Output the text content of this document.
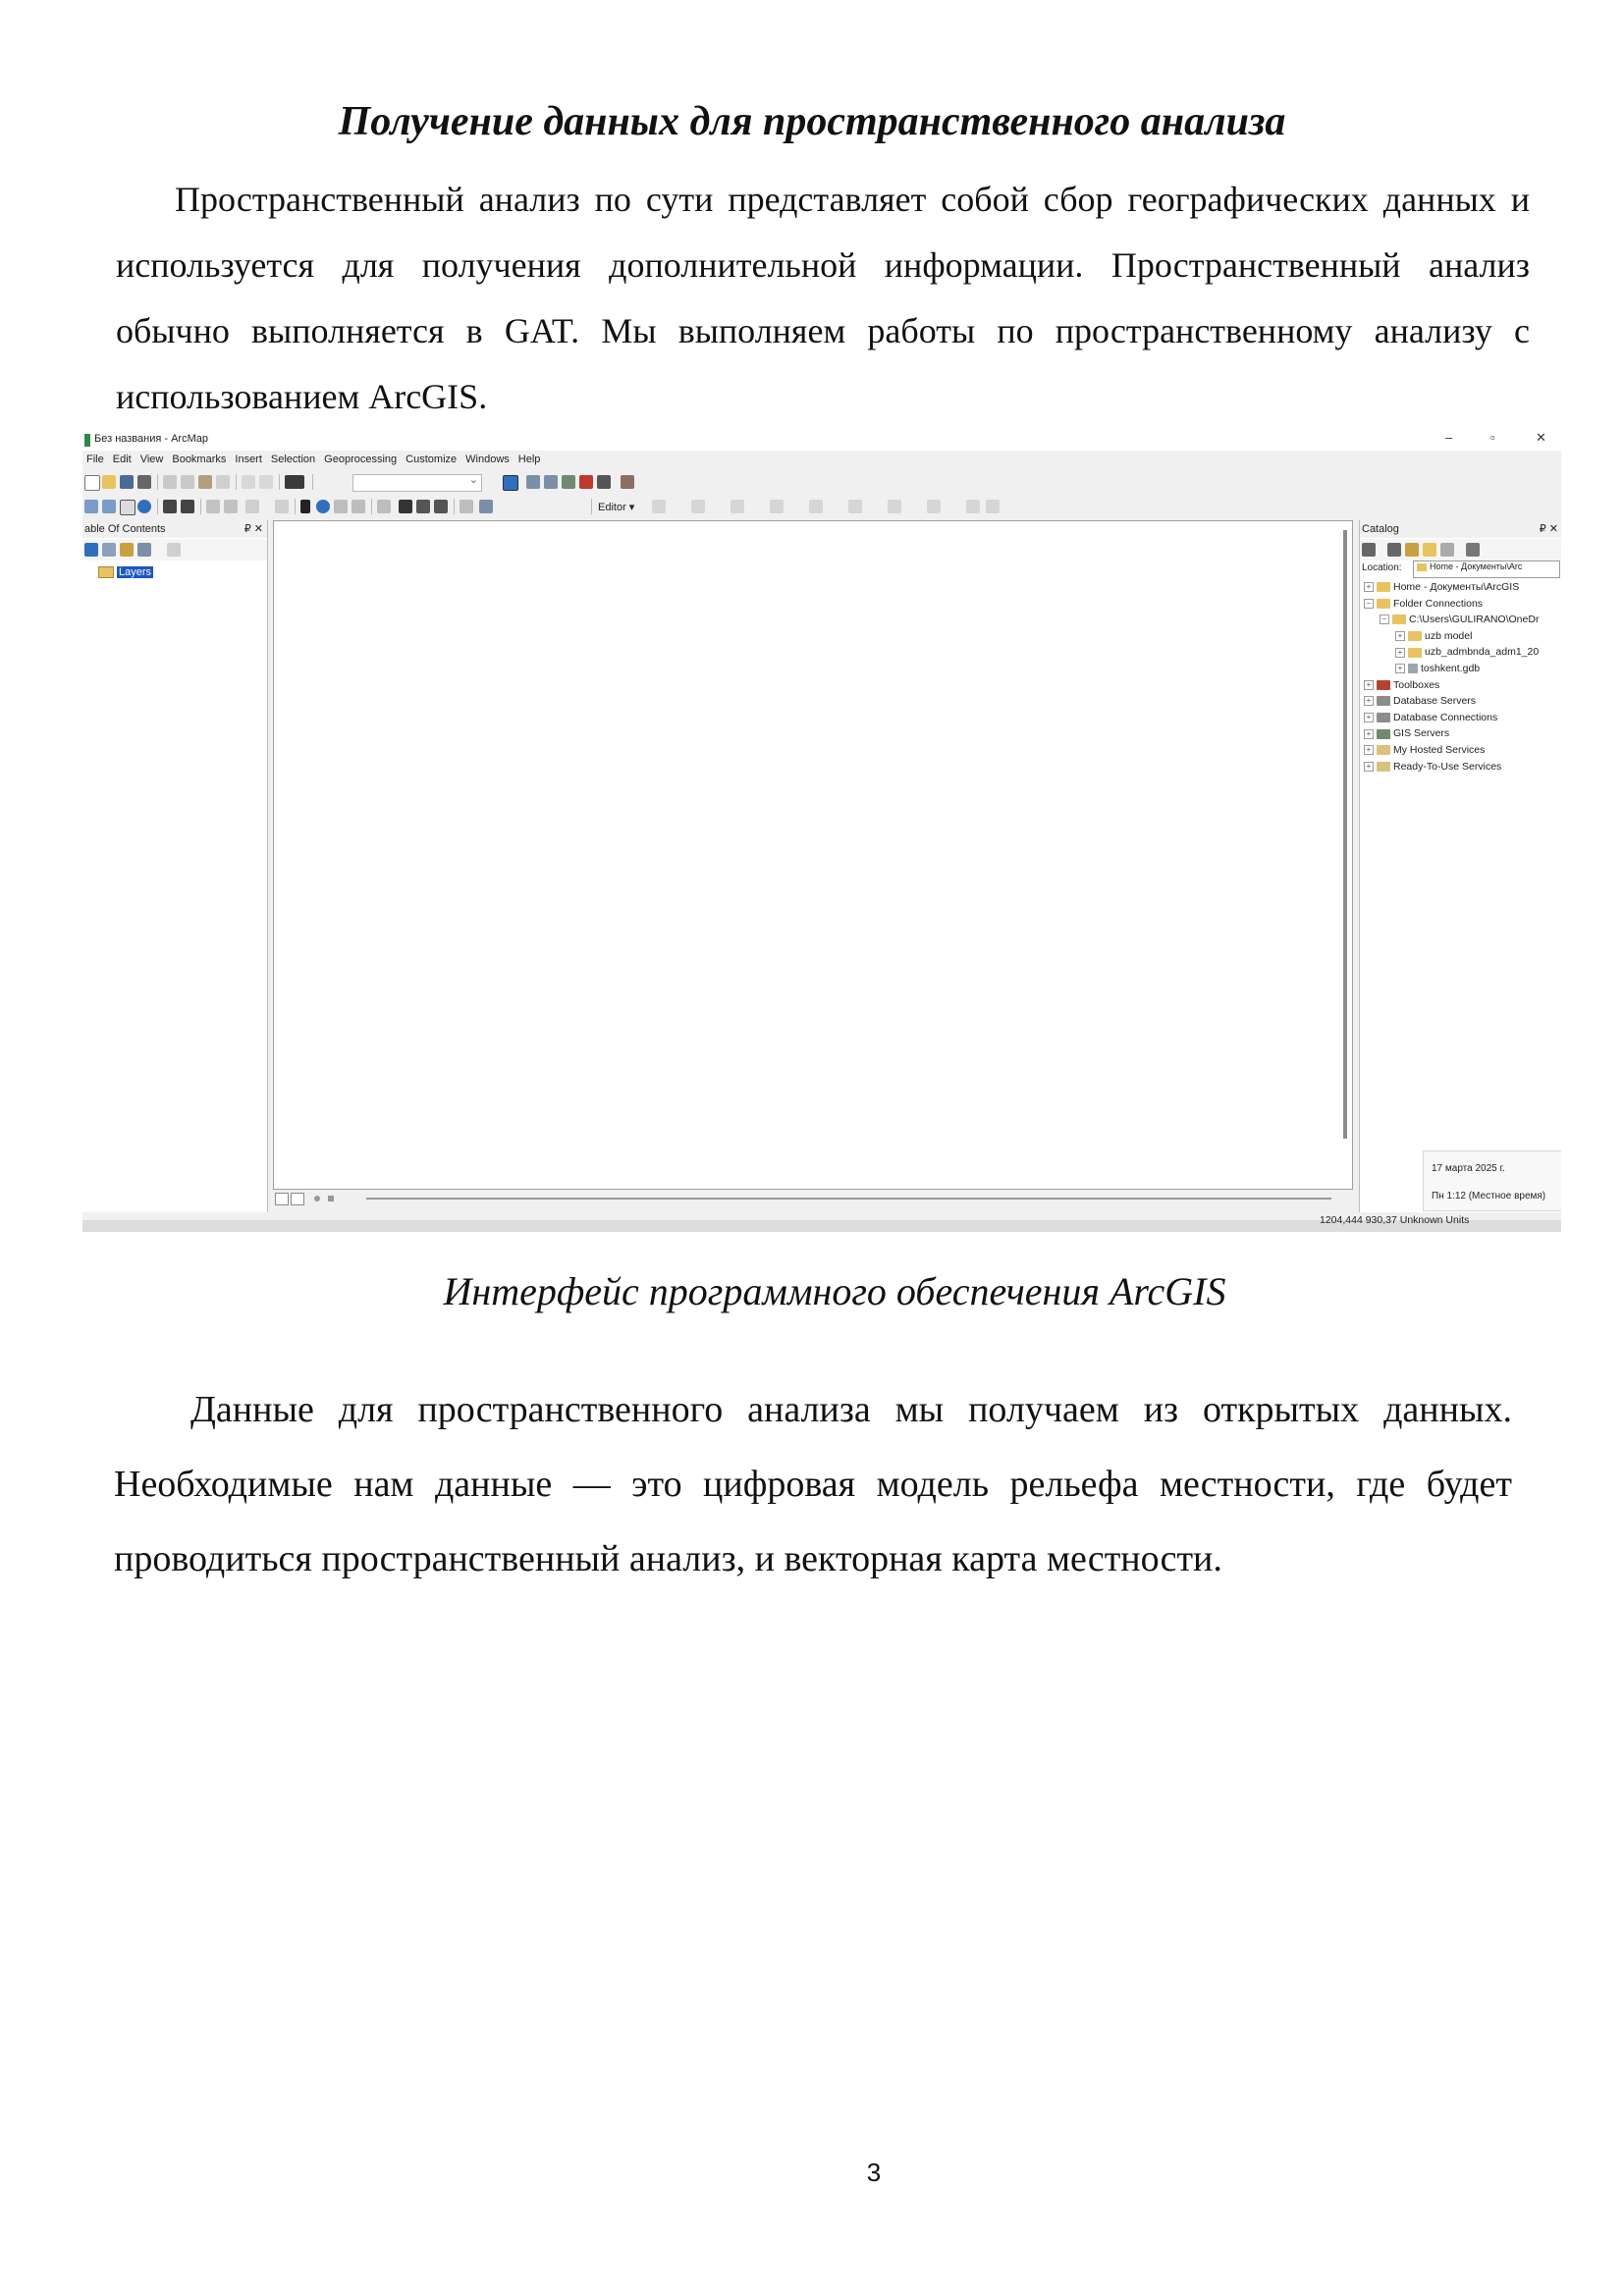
Получение данных для пространственного анализа

Пространственный анализ по сути представляет собой сбор географических данных и используется для получения дополнительной информации. Пространственный анализ обычно выполняется в GAT. Мы выполняем работы по пространственному анализу с использованием ArcGIS.

Без названия - ArcMap	–	▫	✕
File Edit View Bookmarks Insert Selection Geoprocessing Customize Windows Help
⌄
Editor ▾
able Of Contents	₽ ✕
Layers
Catalog	₽ ✕
Location:	Home - Документы\Arc
+ Home - Документы\ArcGIS
− Folder Connections
− C:\Users\GULIRANO\OneDr
+ uzb model
+ uzb_admbnda_adm1_20
+ toshkent.gdb
+ Toolboxes
+ Database Servers
+ Database Connections
+ GIS Servers
+ My Hosted Services
+ Ready-To-Use Services
17 марта 2025 г.
Пн 1:12 (Местное время)
1204,444 930,37 Unknown Units

Интерфейс программного обеспечения ArcGIS

Данные для пространственного анализа мы получаем из открытых данных. Необходимые нам данные — это цифровая модель рельефа местности, где будет проводиться пространственный анализ, и векторная карта местности.

3
